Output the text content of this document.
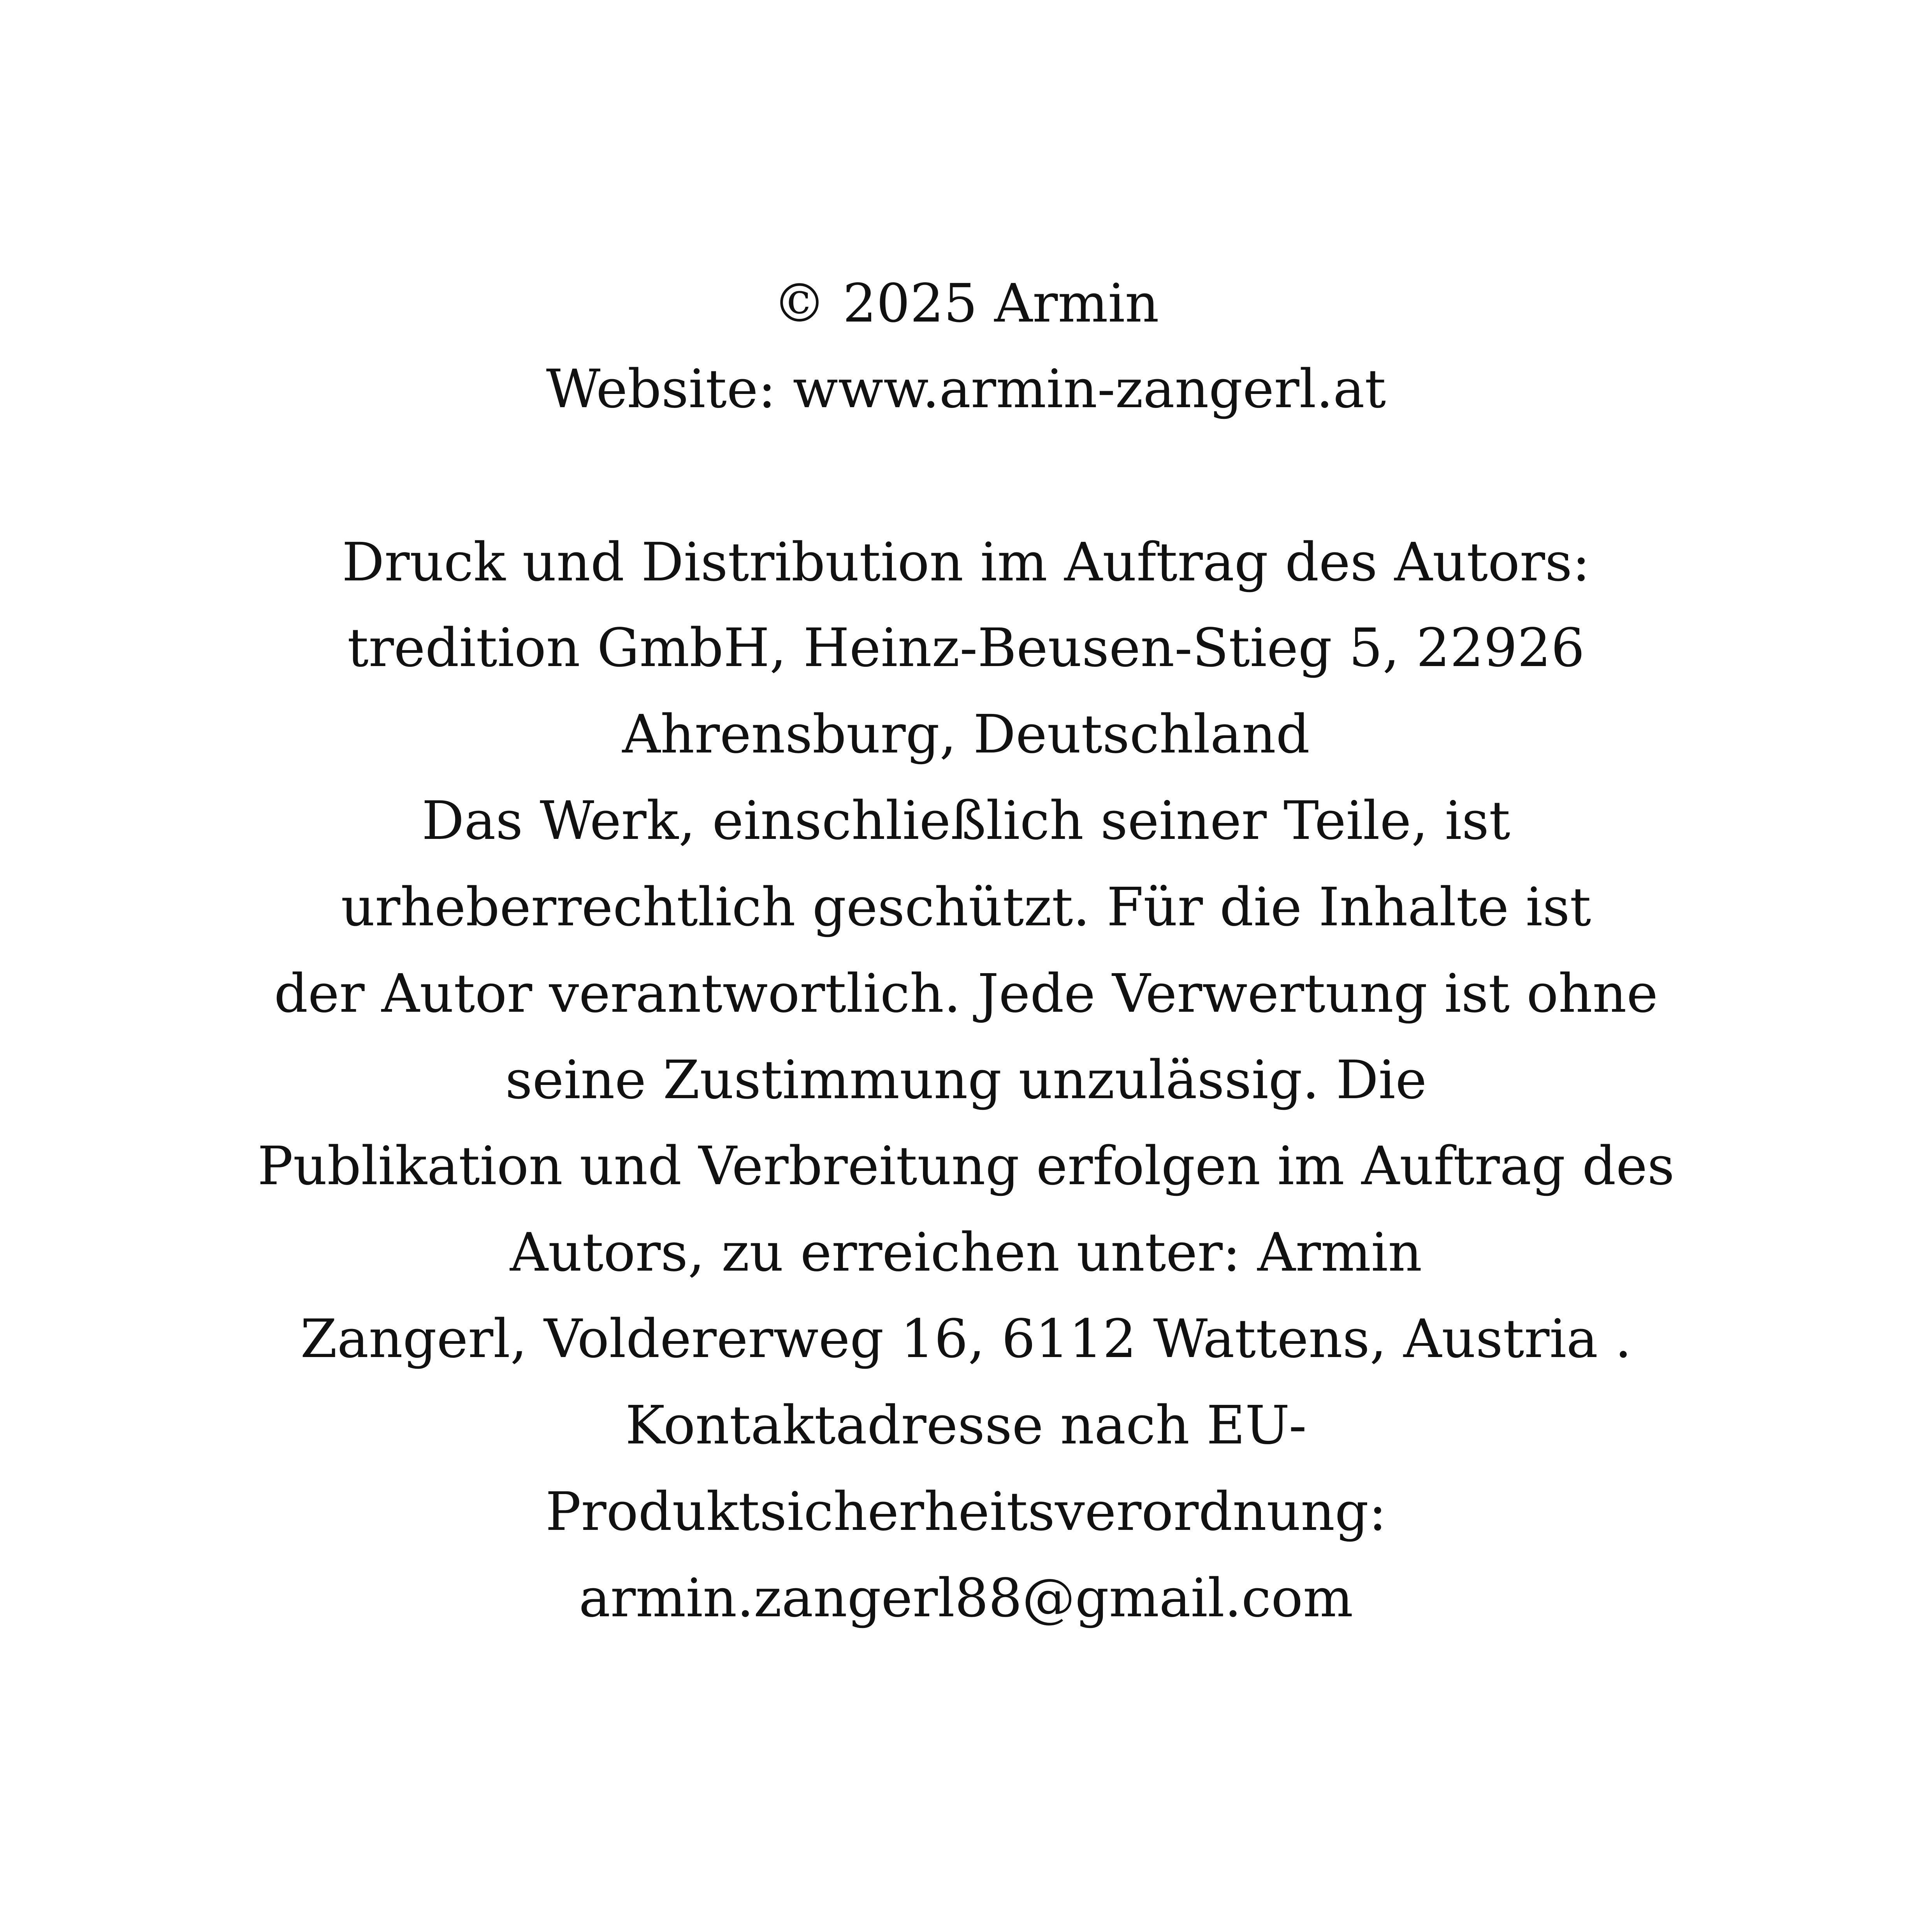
© 2025 Armin
Website: www.armin-zangerl.at
Druck und Distribution im Auftrag des Autors:
tredition GmbH, Heinz-Beusen-Stieg 5, 22926
Ahrensburg, Deutschland
Das Werk, einschließlich seiner Teile, ist
urheberrechtlich geschützt. Für die Inhalte ist
der Autor verantwortlich. Jede Verwertung ist ohne
seine Zustimmung unzulässig. Die
Publikation und Verbreitung erfolgen im Auftrag des
Autors, zu erreichen unter: Armin
Zangerl, Voldererweg 16, 6112 Wattens, Austria .
Kontaktadresse nach EU-
Produktsicherheitsverordnung:
armin.zangerl88@gmail.com
